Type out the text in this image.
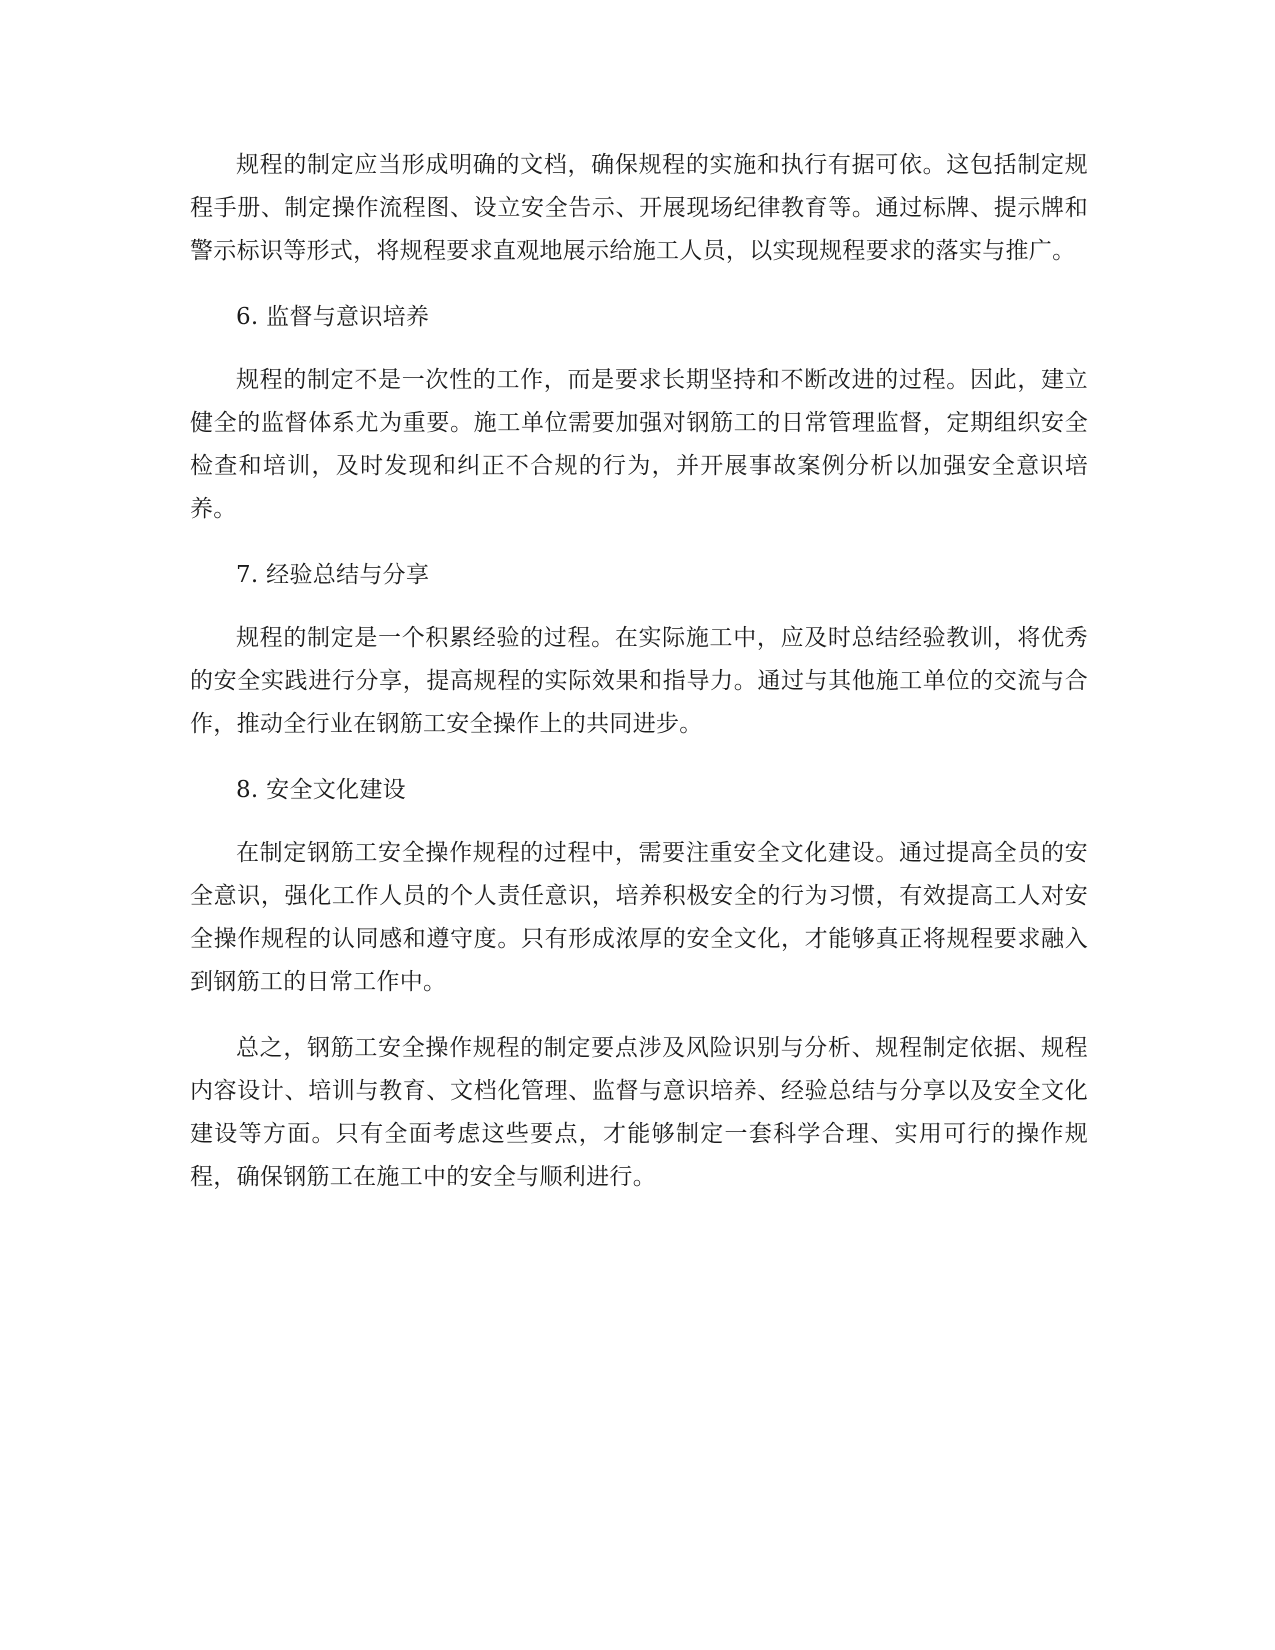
规程的制定应当形成明确的文档，确保规程的实施和执行有据可依。这包括制定规程手册、制定操作流程图、设立安全告示、开展现场纪律教育等。通过标牌、提示牌和警示标识等形式，将规程要求直观地展示给施工人员，以实现规程要求的落实与推广。

6. 监督与意识培养

规程的制定不是一次性的工作，而是要求长期坚持和不断改进的过程。因此，建立健全的监督体系尤为重要。施工单位需要加强对钢筋工的日常管理监督，定期组织安全检查和培训，及时发现和纠正不合规的行为，并开展事故案例分析以加强安全意识培养。

7. 经验总结与分享

规程的制定是一个积累经验的过程。在实际施工中，应及时总结经验教训，将优秀的安全实践进行分享，提高规程的实际效果和指导力。通过与其他施工单位的交流与合作，推动全行业在钢筋工安全操作上的共同进步。

8. 安全文化建设

在制定钢筋工安全操作规程的过程中，需要注重安全文化建设。通过提高全员的安全意识，强化工作人员的个人责任意识，培养积极安全的行为习惯，有效提高工人对安全操作规程的认同感和遵守度。只有形成浓厚的安全文化，才能够真正将规程要求融入到钢筋工的日常工作中。

总之，钢筋工安全操作规程的制定要点涉及风险识别与分析、规程制定依据、规程内容设计、培训与教育、文档化管理、监督与意识培养、经验总结与分享以及安全文化建设等方面。只有全面考虑这些要点，才能够制定一套科学合理、实用可行的操作规程，确保钢筋工在施工中的安全与顺利进行。
